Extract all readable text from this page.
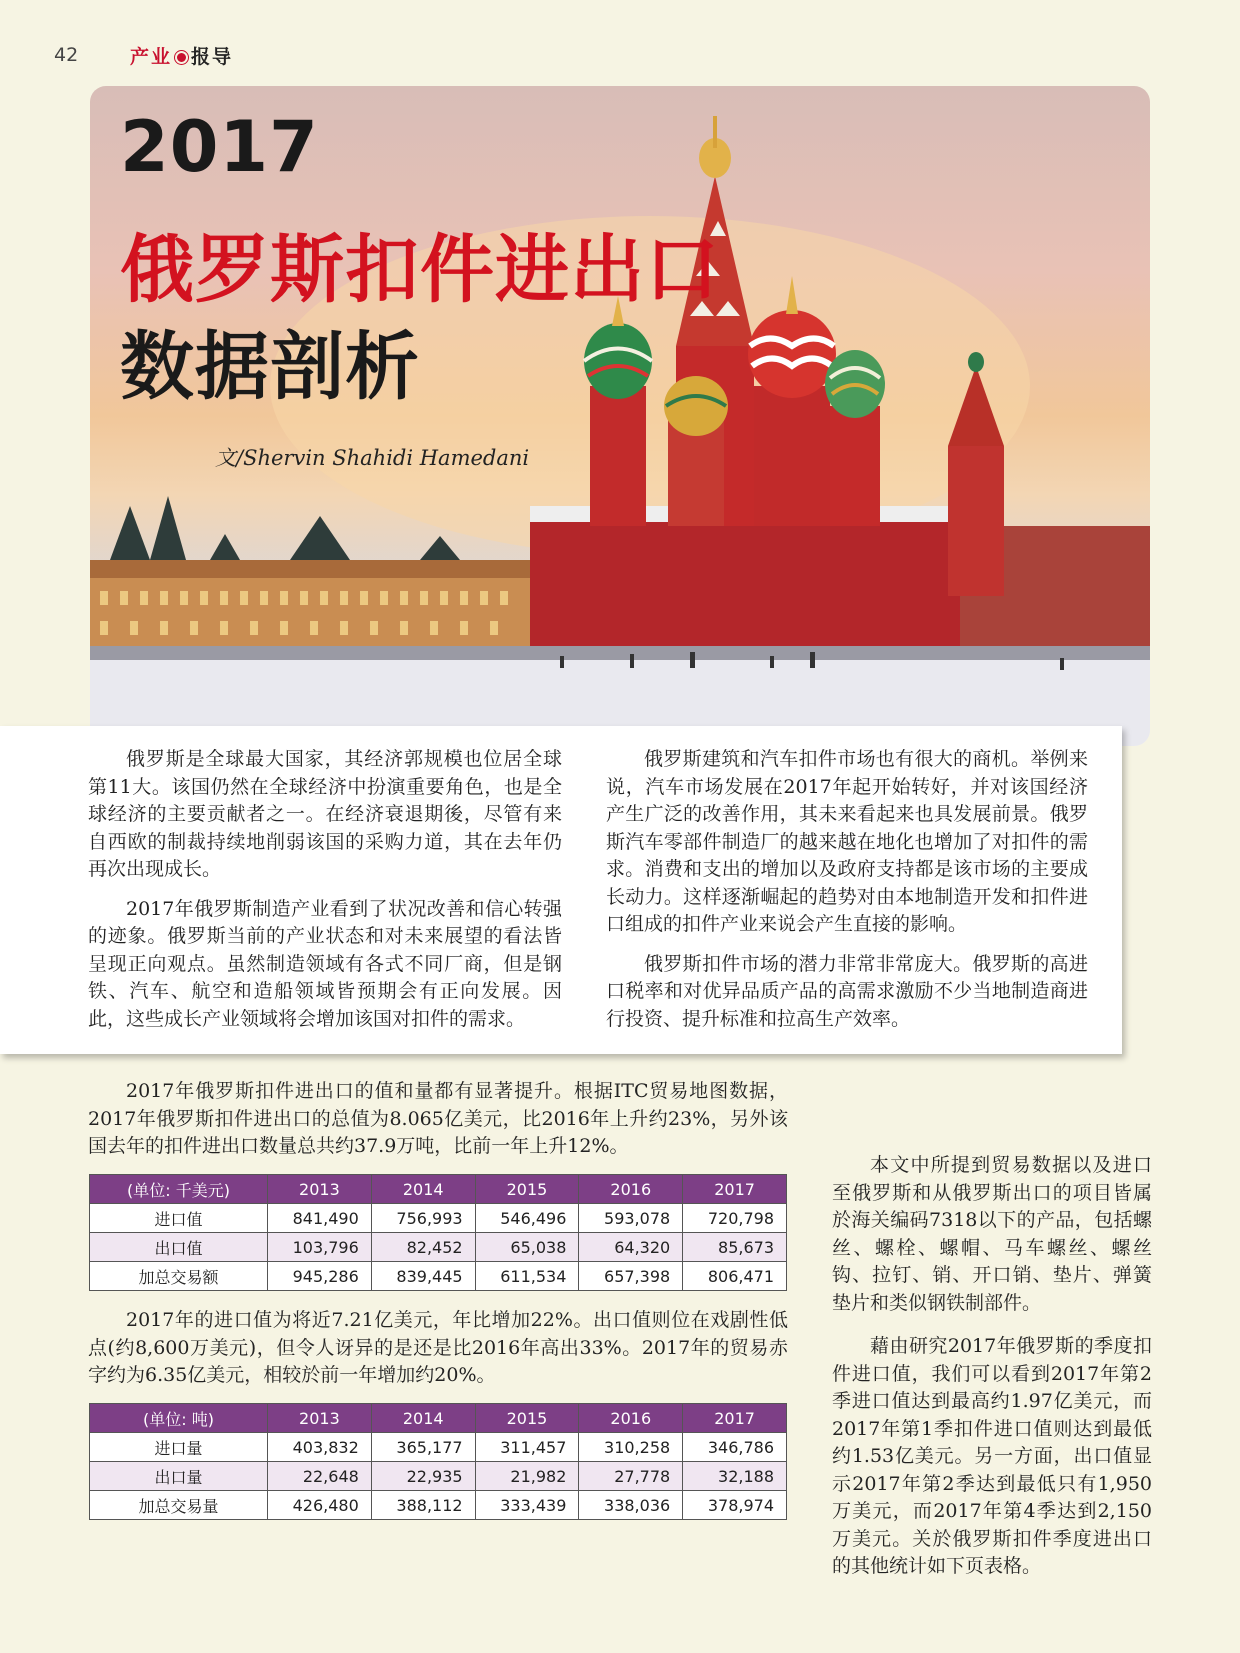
42	产业 报导
2017
俄罗斯扣件进出口
数据剖析
文/Shervin Shahidi Hamedani

俄罗斯是全球最大国家，其经济郭规模也位居全球第11大。该国仍然在全球经济中扮演重要角色，也是全球经济的主要贡献者之一。在经济衰退期後，尽管有来自西欧的制裁持续地削弱该国的采购力道，其在去年仍再次出现成长。

2017年俄罗斯制造产业看到了状况改善和信心转强的迹象。俄罗斯当前的产业状态和对未来展望的看法皆呈现正向观点。虽然制造领域有各式不同厂商，但是钢铁、汽车、航空和造船领域皆预期会有正向发展。因此，这些成长产业领域将会增加该国对扣件的需求。

俄罗斯建筑和汽车扣件市场也有很大的商机。举例来说，汽车市场发展在2017年起开始转好，并对该国经济产生广泛的改善作用，其未来看起来也具发展前景。俄罗斯汽车零部件制造厂的越来越在地化也增加了对扣件的需求。消费和支出的增加以及政府支持都是该市场的主要成长动力。这样逐渐崛起的趋势对由本地制造开发和扣件进口组成的扣件产业来说会产生直接的影响。

俄罗斯扣件市场的潜力非常非常庞大。俄罗斯的高进口税率和对优异品质产品的高需求激励不少当地制造商进行投资、提升标准和拉高生产效率。

2017年俄罗斯扣件进出口的值和量都有显著提升。根据ITC贸易地图数据，2017年俄罗斯扣件进出口的总值为8.065亿美元，比2016年上升约23%，另外该国去年的扣件进出口数量总共约37.9万吨，比前一年上升12%。

(单位: 千美元)	2013	2014	2015	2016	2017
进口值	841,490	756,993	546,496	593,078	720,798
出口值	103,796	82,452	65,038	64,320	85,673
加总交易额	945,286	839,445	611,534	657,398	806,471

2017年的进口值为将近7.21亿美元，年比增加22%。出口值则位在戏剧性低点(约8,600万美元)，但令人讶异的是还是比2016年高出33%。2017年的贸易赤字约为6.35亿美元，相较於前一年增加约20%。

(单位: 吨)	2013	2014	2015	2016	2017
进口量	403,832	365,177	311,457	310,258	346,786
出口量	22,648	22,935	21,982	27,778	32,188
加总交易量	426,480	388,112	333,439	338,036	378,974

本文中所提到贸易数据以及进口至俄罗斯和从俄罗斯出口的项目皆属於海关编码7318以下的产品，包括螺丝、螺栓、螺帽、马车螺丝、螺丝钩、拉钉、销、开口销、垫片、弹簧垫片和类似钢铁制部件。

藉由研究2017年俄罗斯的季度扣件进口值，我们可以看到2017年第2季进口值达到最高约1.97亿美元，而2017年第1季扣件进口值则达到最低约1.53亿美元。另一方面，出口值显示2017年第2季达到最低只有1,950万美元，而2017年第4季达到2,150万美元。关於俄罗斯扣件季度进出口的其他统计如下页表格。
